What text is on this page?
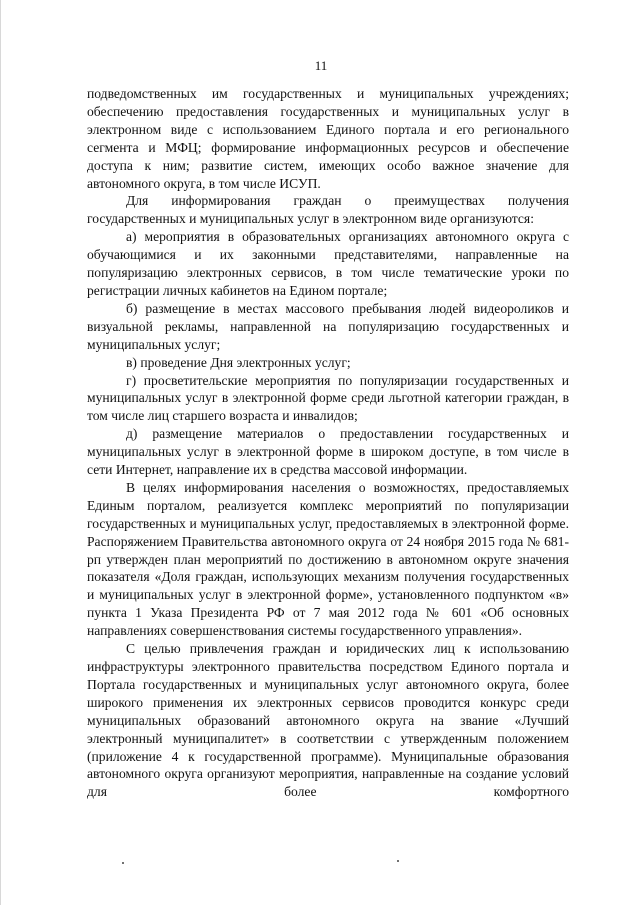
11

подведомственных им государственных и муниципальных учреждениях; обеспечению предоставления государственных и муниципальных услуг в электронном виде с использованием Единого портала и его регионального сегмента и МФЦ; формирование информационных ресурсов и обеспечение доступа к ним; развитие систем, имеющих особо важное значение для автономного округа, в том числе ИСУП.

Для информирования граждан о преимуществах получения государственных и муниципальных услуг в электронном виде организуются:

а) мероприятия в образовательных организациях автономного округа с обучающимися и их законными представителями, направленные на популяризацию электронных сервисов, в том числе тематические уроки по регистрации личных кабинетов на Едином портале;

б) размещение в местах массового пребывания людей видеороликов и визуальной рекламы, направленной на популяризацию государственных и муниципальных услуг;

в) проведение Дня электронных услуг;

г) просветительские мероприятия по популяризации государственных и муниципальных услуг в электронной форме среди льготной категории граждан, в том числе лиц старшего возраста и инвалидов;

д) размещение материалов о предоставлении государственных и муниципальных услуг в электронной форме в широком доступе, в том числе в сети Интернет, направление их в средства массовой информации.

В целях информирования населения о возможностях, предоставляемых Единым порталом, реализуется комплекс мероприятий по популяризации государственных и муниципальных услуг, предоставляемых в электронной форме. Распоряжением Правительства автономного округа от 24 ноября 2015 года № 681-рп утвержден план мероприятий по достижению в автономном округе значения показателя «Доля граждан, использующих механизм получения государственных и муниципальных услуг в электронной форме», установленного подпунктом «в» пункта 1 Указа Президента РФ от 7 мая 2012 года № 601 «Об основных направлениях совершенствования системы государственного управления».

С целью привлечения граждан и юридических лиц к использованию инфраструктуры электронного правительства посредством Единого портала и Портала государственных и муниципальных услуг автономного округа, более широкого применения их электронных сервисов проводится конкурс среди муниципальных образований автономного округа на звание «Лучший электронный муниципалитет» в соответствии с утвержденным положением (приложение 4 к государственной программе). Муниципальные образования автономного округа организуют мероприятия, направленные на создание условий для более комфортного
